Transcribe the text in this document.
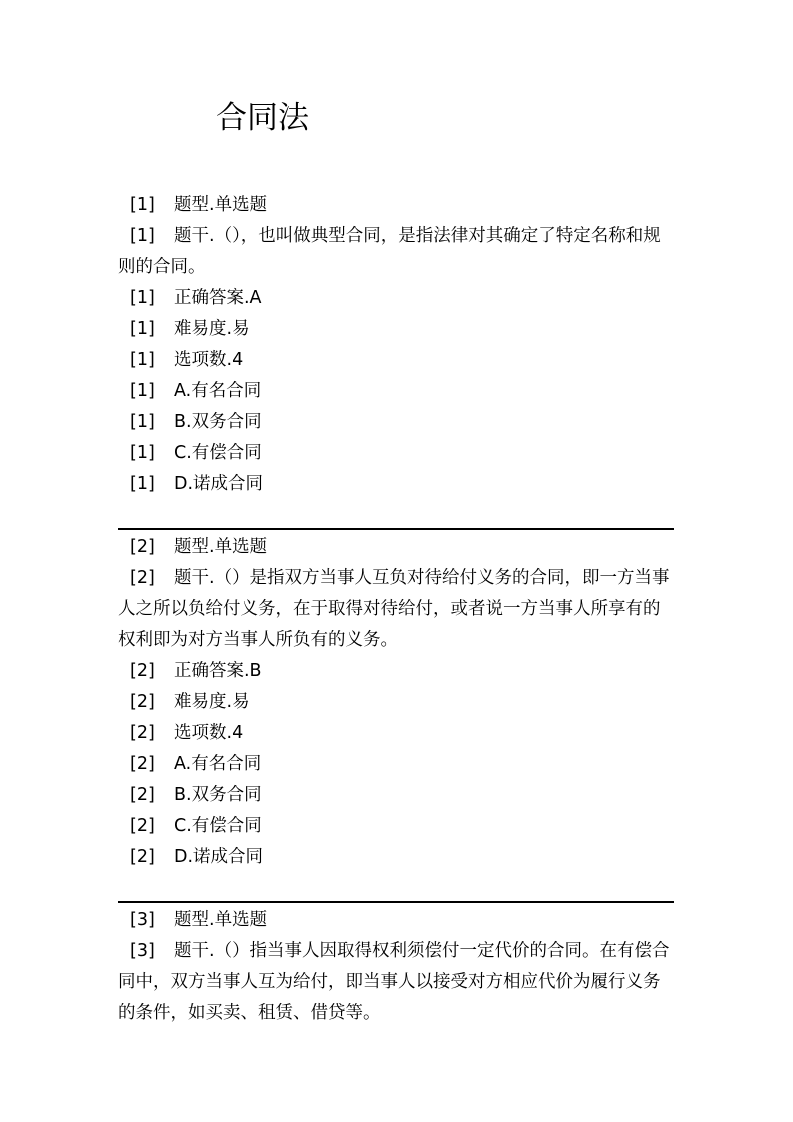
合同法
[1] 题型.单选题

[1] 题干.（），也叫做典型合同，是指法律对其确定了特定名称和规则的合同。

[1] 正确答案.A
[1] 难易度.易
[1] 选项数.4
[1] A.有名合同
[1] B.双务合同
[1] C.有偿合同
[1] D.诺成合同
[2] 题型.单选题

[2] 题干.（）是指双方当事人互负对待给付义务的合同，即一方当事人之所以负给付义务，在于取得对待给付，或者说一方当事人所享有的权利即为对方当事人所负有的义务。

[2] 正确答案.B
[2] 难易度.易
[2] 选项数.4
[2] A.有名合同
[2] B.双务合同
[2] C.有偿合同
[2] D.诺成合同
[3] 题型.单选题

[3] 题干.（）指当事人因取得权利须偿付一定代价的合同。在有偿合同中，双方当事人互为给付，即当事人以接受对方相应代价为履行义务的条件，如买卖、租赁、借贷等。
